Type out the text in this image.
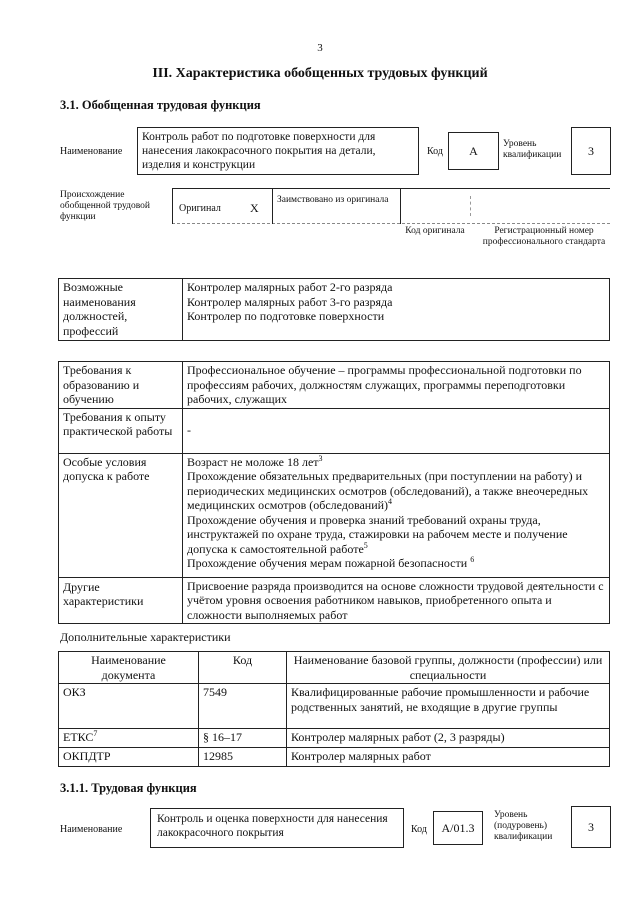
3
III. Характеристика обобщенных трудовых функций
3.1. Обобщенная трудовая функция
Наименование
Контроль работ по подготовке поверхности для нанесения лакокрасочного покрытия на детали, изделия и конструкции
Код	А	Уровень квалификации	3
Происхождение обобщенной трудовой функции
Оригинал Х
Заимствовано из оригинала
Код оригинала	Регистрационный номер профессионального стандарта
Возможные наименования должностей, профессий	
Контролер малярных работ 2-го разряда
Контролер малярных работ 3-го разряда
Контролер по подготовке поверхности
Требования к образованию и обучению	Профессиональное обучение – программы профессиональной подготовки по профессиям рабочих, должностям служащих, программы переподготовки рабочих, служащих
Требования к опыту практической работы	-
Особые условия допуска к работе	Возраст не моложе 18 лет$^3$
Прохождение обязательных предварительных (при поступлении на работу) и периодических медицинских осмотров (обследований), а также внеочередных медицинских осмотров (обследований)$^4$
Прохождение обучения и проверка знаний требований охраны труда, инструктажей по охране труда, стажировки на рабочем месте и получение допуска к самостоятельной работе$^5$
Прохождение обучения мерам пожарной безопасности $^6$

Другие характеристики	Присвоение разряда производится на основе сложности трудовой деятельности с учётом уровня освоения работником навыков, приобретенного опыта и сложности выполняемых работ
Дополнительные характеристики
Наименование документа	Код	Наименование базовой группы, должности (профессии) или специальности
ОКЗ	7549	Квалифицированные рабочие промышленности и рабочие родственных занятий, не входящие в другие группы
ЕТКС$^7$	§ 16–17	Контролер малярных работ (2, 3 разряды)
ОКПДТР	12985	Контролер малярных работ
3.1.1. Трудовая функция
Наименование
Контроль и оценка поверхности для нанесения лакокрасочного покрытия	Код	А/01.3
Уровень (подуровень) квалификации
3
